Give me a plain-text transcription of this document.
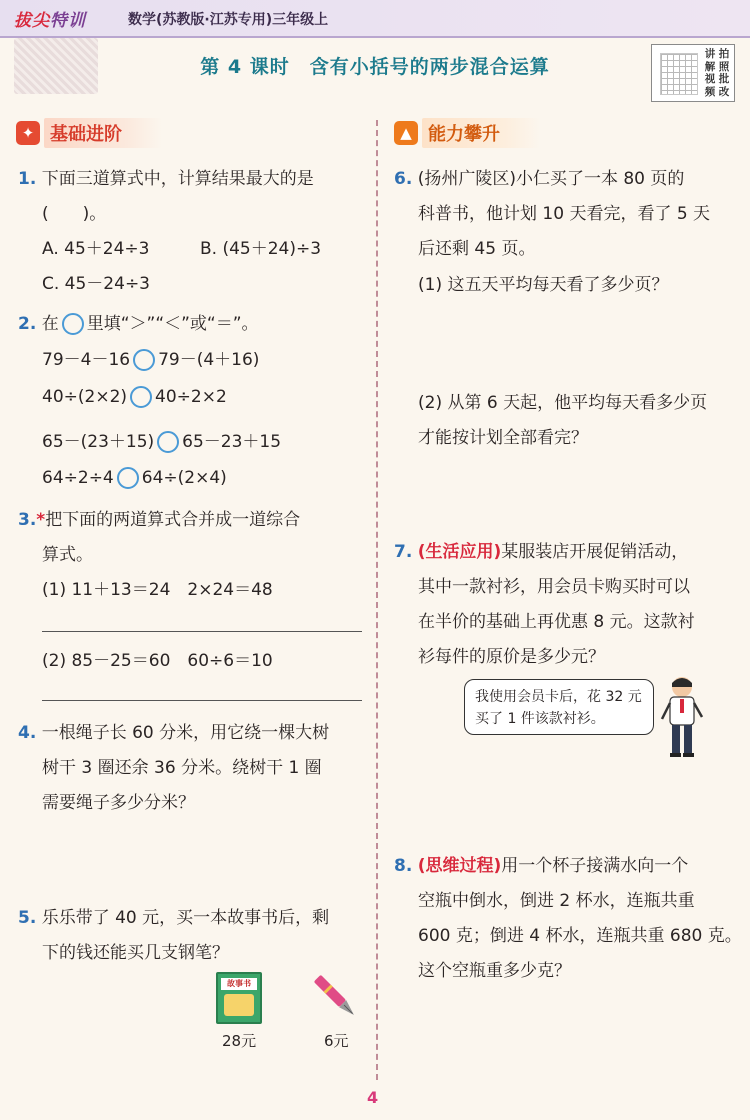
拔尖特训	数学(苏教版·江苏专用)三年级上
第 4 课时　含有小括号的两步混合运算
讲解视频
拍照批改
✦ 基础进阶	▲ 能力攀升
1. 下面三道算式中，计算结果最大的是
(　　)。
A. 45＋24÷3	B. (45＋24)÷3
C. 45－24÷3
2. 在 里填“＞”“＜”或“＝”。
79－4－16 79－(4＋16)
40÷(2×2) 40÷2×2
65－(23＋15) 65－23＋15
64÷2÷4 64÷(2×4)
3.*把下面的两道算式合并成一道综合
算式。
(1) 11＋13＝24　2×24＝48
(2) 85－25＝60　60÷6＝10
4. 一根绳子长 60 分米，用它绕一棵大树
树干 3 圈还余 36 分米。绕树干 1 圈
需要绳子多少分米？
5. 乐乐带了 40 元，买一本故事书后，剩
下的钱还能买几支钢笔？
故事书
28元	6元
6. (扬州广陵区)小仁买了一本 80 页的
科普书，他计划 10 天看完，看了 5 天
后还剩 45 页。
(1) 这五天平均每天看了多少页？
(2) 从第 6 天起，他平均每天看多少页
才能按计划全部看完？
7. (生活应用)某服装店开展促销活动，
其中一款衬衫，用会员卡购买时可以
在半价的基础上再优惠 8 元。这款衬
衫每件的原价是多少元？
我使用会员卡后，花 32 元
买了 1 件该款衬衫。
8. (思维过程)用一个杯子接满水向一个
空瓶中倒水，倒进 2 杯水，连瓶共重
600 克；倒进 4 杯水，连瓶共重 680 克。
这个空瓶重多少克？
4
